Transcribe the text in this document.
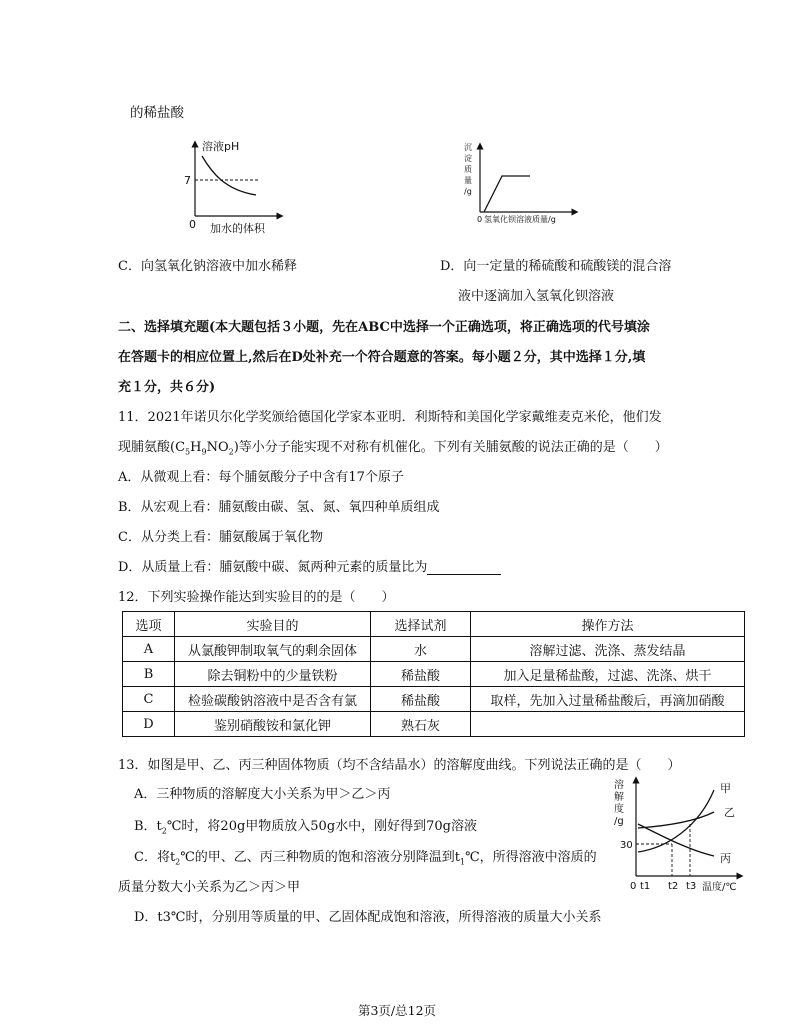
的稀盐酸
溶液pH
7
0 加水的体积
沉
淀
质
量
/g
0 氢氧化钡溶液质量/g
C．向氢氧化钠溶液中加水稀释	D．向一定量的稀硫酸和硫酸镁的混合溶
液中逐滴加入氢氧化钡溶液
二、选择填充题(本大题包括３小题，先在ABC中选择一个正确选项，将正确选项的代号填涂
在答题卡的相应位置上,然后在D处补充一个符合题意的答案。每小题２分，其中选择１分,填
充１分，共６分)
11．2021年诺贝尔化学奖颁给德国化学家本亚明．利斯特和美国化学家戴维麦克米伦，他们发
现脯氨酸$(C_5H_9NO_2)$等小分子能实现不对称有机催化。下列有关脯氨酸的说法正确的是（　　）
A．从微观上看：每个脯氨酸分子中含有17个原子
B．从宏观上看：脯氨酸由碳、氢、氮、氧四种单质组成
C．从分类上看：脯氨酸属于氧化物
D．从质量上看：脯氨酸中碳、氮两种元素的质量比为
12．下列实验操作能达到实验目的的是（　　）
选项	实验目的	选择试剂	操作方法
A	从氯酸钾制取氧气的剩余固体	水	溶解过滤、洗涤、蒸发结晶
B	除去铜粉中的少量铁粉	稀盐酸	加入足量稀盐酸，过滤、洗涤、烘干
C	检验碳酸钠溶液中是否含有氯	稀盐酸	取样，先加入过量稀盐酸后，再滴加硝酸
D	鉴别硝酸铵和氯化钾	熟石灰	
13．如图是甲、乙、丙三种固体物质（均不含结晶水）的溶解度曲线。下列说法正确的是（　　）
A．三种物质的溶解度大小关系为甲＞乙＞丙
B．$t_2℃$时，将20g甲物质放入50g水中，刚好得到70g溶液
C．将$t_2℃$的甲、乙、丙三种物质的饱和溶液分别降温到$t_1℃$，所得溶液中溶质的
质量分数大小关系为乙＞丙＞甲
D．t3℃时，分别用等质量的甲、乙固体配成饱和溶液，所得溶液的质量大小关系
溶
解
度
/g
30
0 t1 t2 t3 温度/℃
甲
乙
丙
第3页/总12页
